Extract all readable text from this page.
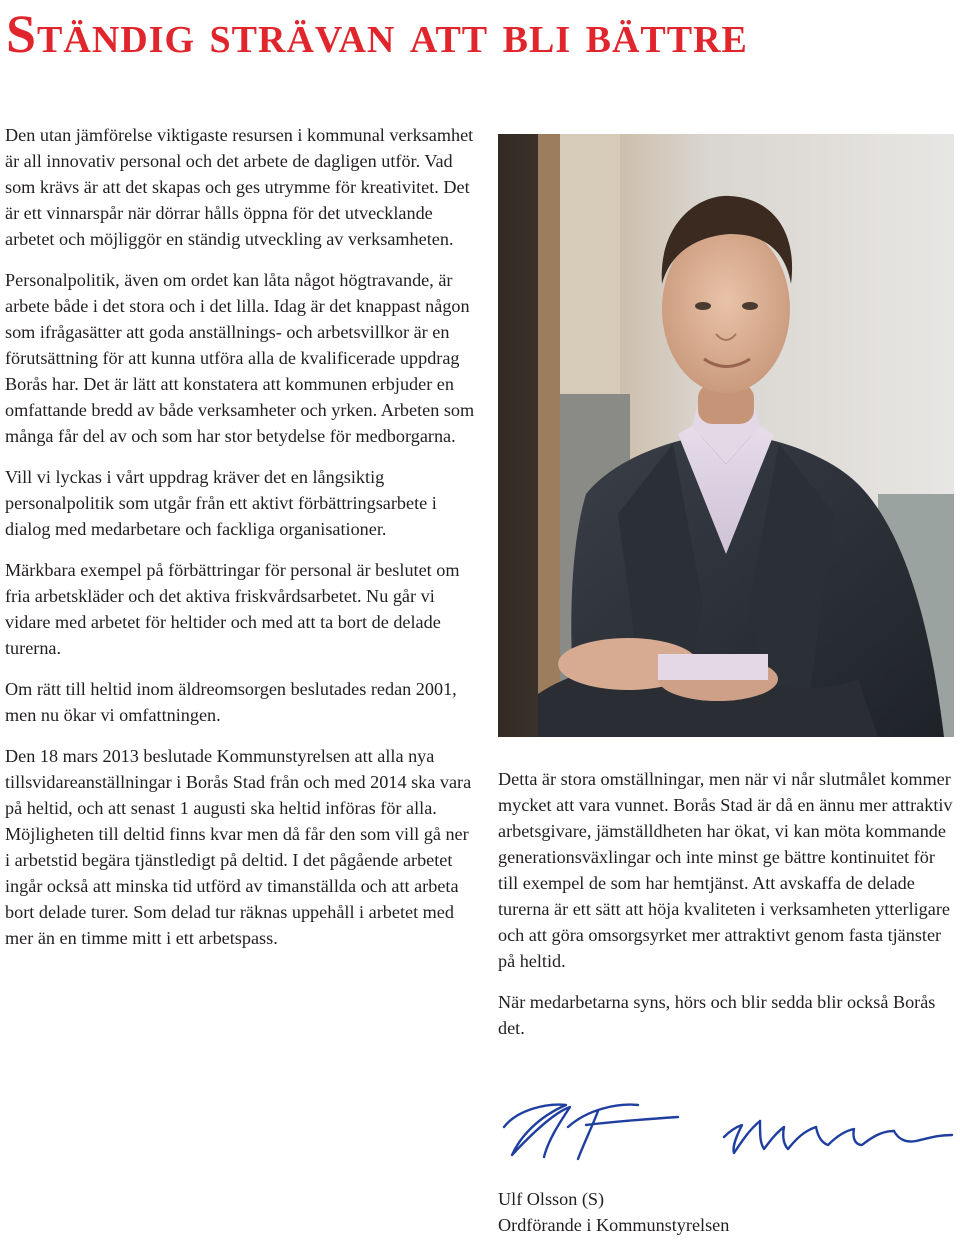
Ständig strävan att bli bättre

Den utan jämförelse viktigaste resursen i kommunal verksamhet är all innovativ personal och det arbete de dagligen utför. Vad som krävs är att det skapas och ges utrymme för kreativitet. Det är ett vinnarspår när dörrar hålls öppna för det utvecklande arbetet och möjliggör en ständig utveckling av verksamheten.

Personalpolitik, även om ordet kan låta något högtravande, är arbete både i det stora och i det lilla. Idag är det knappast någon som ifrågasätter att goda anställnings- och arbetsvillkor är en förutsättning för att kunna utföra alla de kvalificerade uppdrag Borås har. Det är lätt att konstatera att kommunen erbjuder en omfattande bredd av både verksamheter och yrken. Arbeten som många får del av och som har stor betydelse för medborgarna.

Vill vi lyckas i vårt uppdrag kräver det en långsiktig personalpolitik som utgår från ett aktivt förbättringsarbete i dialog med medarbetare och fackliga organisationer.

Märkbara exempel på förbättringar för personal är beslutet om fria arbetskläder och det aktiva friskvårdsarbetet. Nu går vi vidare med arbetet för heltider och med att ta bort de delade turerna.

Om rätt till heltid inom äldreomsorgen beslutades redan 2001, men nu ökar vi omfattningen.

Den 18 mars 2013 beslutade Kommunstyrelsen att alla nya tillsvidareanställningar i Borås Stad från och med 2014 ska vara på heltid, och att senast 1 augusti ska heltid införas för alla. Möjligheten till deltid finns kvar men då får den som vill gå ner i arbetstid begära tjänstledigt på deltid. I det pågående arbetet ingår också att minska tid utförd av timanställda och att arbeta bort delade turer. Som delad tur räknas uppehåll i arbetet med mer än en timme mitt i ett arbetspass.

Detta är stora omställningar, men när vi når slutmålet kommer mycket att vara vunnet. Borås Stad är då en ännu mer attraktiv arbetsgivare, jämställdheten har ökat, vi kan möta kommande generationsväxlingar och inte minst ge bättre kontinuitet för till exempel de som har hemtjänst. Att avskaffa de delade turerna är ett sätt att höja kvaliteten i verksamheten ytterligare och att göra omsorgsyrket mer attraktivt genom fasta tjänster på heltid.

När medarbetarna syns, hörs och blir sedda blir också Borås det.

Ulf Olsson (S)
Ordförande i Kommunstyrelsen
